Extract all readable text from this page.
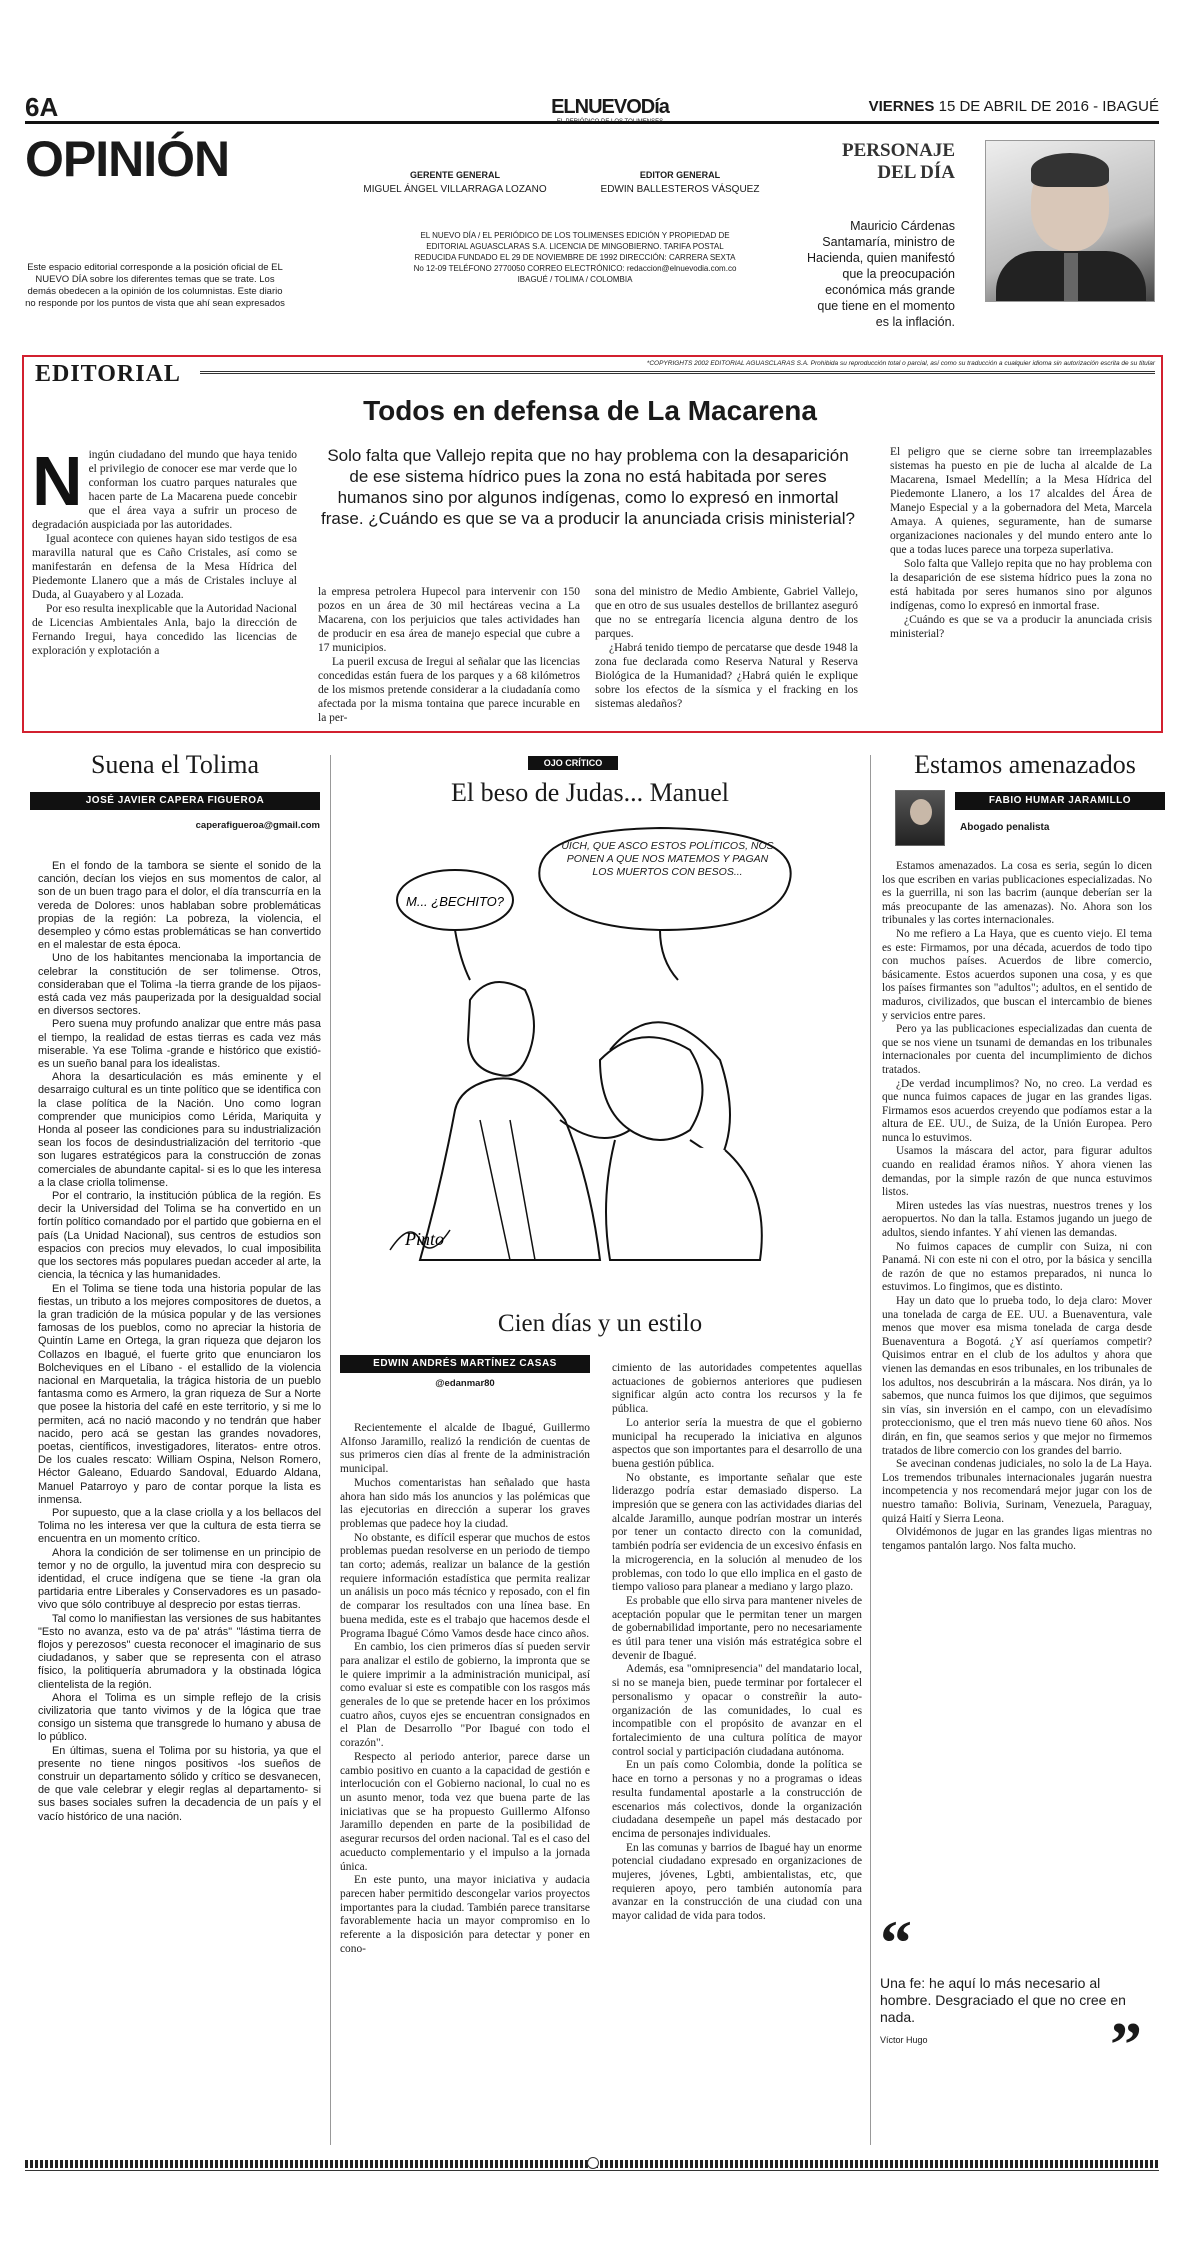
6A	ELNUEVODía
EL PERIÓDICO DE LOS TOLIMENSES
VIERNES 15 DE ABRIL DE 2016 - IBAGUÉ
OPINIÓN
Este espacio editorial corresponde a la posición oficial de EL NUEVO DÍA sobre los diferentes temas que se trate. Los demás obedecen a la opinión de los columnistas. Este diario no responde por los puntos de vista que ahí sean expresados
GERENTE GENERAL
MIGUEL ÁNGEL VILLARRAGA LOZANO
EDITOR GENERAL
EDWIN BALLESTEROS VÁSQUEZ
EL NUEVO DÍA / EL PERIÓDICO DE LOS TOLIMENSES EDICIÓN Y PROPIEDAD DE EDITORIAL AGUASCLARAS S.A. LICENCIA DE MINGOBIERNO. TARIFA POSTAL REDUCIDA FUNDADO EL 29 DE NOVIEMBRE DE 1992 DIRECCIÓN: CARRERA SEXTA No 12-09 TELÉFONO 2770050 CORREO ELECTRÓNICO: redaccion@elnuevodia.com.co IBAGUÉ / TOLIMA / COLOMBIA
PERSONAJE DEL DÍA
Mauricio Cárdenas Santamaría, ministro de Hacienda, quien manifestó que la preocupación económica más grande que tiene en el momento es la inflación.
EDITORIAL	*COPYRIGHTS 2002 EDITORIAL AGUASCLARAS S.A. Prohibida su reproducción total o parcial, así como su traducción a cualquier idioma sin autorización escrita de su titular
Todos en defensa de La Macarena
N ingún ciudadano del mundo que haya tenido el privilegio de conocer ese mar verde que lo conforman los cuatro parques naturales que hacen parte de La Macarena puede concebir que el área vaya a sufrir un proceso de degradación auspiciada por las autoridades.

Igual acontece con quienes hayan sido testigos de esa maravilla natural que es Caño Cristales, así como se manifestarán en defensa de la Mesa Hídrica del Piedemonte Llanero que a más de Cristales incluye al Duda, al Guayabero y al Lozada.

Por eso resulta inexplicable que la Autoridad Nacional de Licencias Ambientales Anla, bajo la dirección de Fernando Iregui, haya concedido las licencias de exploración y explotación a

Solo falta que Vallejo repita que no hay problema con la desaparición de ese sistema hídrico pues la zona no está habitada por seres humanos sino por algunos indígenas, como lo expresó en inmortal frase. ¿Cuándo es que se va a producir la anunciada crisis ministerial?

la empresa petrolera Hupecol para intervenir con 150 pozos en un área de 30 mil hectáreas vecina a La Macarena, con los perjuicios que tales actividades han de producir en esa área de manejo especial que cubre a 17 municipios.

La pueril excusa de Iregui al señalar que las licencias concedidas están fuera de los parques y a 68 kilómetros de los mismos pretende considerar a la ciudadanía como afectada por la misma tontaina que parece incurable en la per-

sona del ministro de Medio Ambiente, Gabriel Vallejo, que en otro de sus usuales destellos de brillantez aseguró que no se entregaría licencia alguna dentro de los parques.

¿Habrá tenido tiempo de percatarse que desde 1948 la zona fue declarada como Reserva Natural y Reserva Biológica de la Humanidad? ¿Habrá quién le explique sobre los efectos de la sísmica y el fracking en los sistemas aledaños?

El peligro que se cierne sobre tan irreemplazables sistemas ha puesto en pie de lucha al alcalde de La Macarena, Ismael Medellín; a la Mesa Hídrica del Piedemonte Llanero, a los 17 alcaldes del Área de Manejo Especial y a la gobernadora del Meta, Marcela Amaya. A quienes, seguramente, han de sumarse organizaciones nacionales y del mundo entero ante lo que a todas luces parece una torpeza superlativa.

Solo falta que Vallejo repita que no hay problema con la desaparición de ese sistema hídrico pues la zona no está habitada por seres humanos sino por algunos indígenas, como lo expresó en inmortal frase.

¿Cuándo es que se va a producir la anunciada crisis ministerial?

Suena el Tolima
JOSÉ JAVIER CAPERA FIGUEROA
caperafigueroa@gmail.com

En el fondo de la tambora se siente el sonido de la canción, decían los viejos en sus momentos de calor, al son de un buen trago para el dolor, el día transcurría en la vereda de Dolores: unos hablaban sobre problemáticas propias de la región: La pobreza, la violencia, el desempleo y cómo estas problemáticas se han convertido en el malestar de esta época.

Uno de los habitantes mencionaba la importancia de celebrar la constitución de ser tolimense. Otros, consideraban que el Tolima -la tierra grande de los pijaos- está cada vez más pauperizada por la desigualdad social en diversos sectores.

Pero suena muy profundo analizar que entre más pasa el tiempo, la realidad de estas tierras es cada vez más miserable. Ya ese Tolima -grande e histórico que existió- es un sueño banal para los idealistas.

Ahora la desarticulación es más eminente y el desarraigo cultural es un tinte político que se identifica con la clase política de la Nación. Uno como logran comprender que municipios como Lérida, Mariquita y Honda al poseer las condiciones para su industrialización sean los focos de desindustrialización del territorio -que son lugares estratégicos para la construcción de zonas comerciales de abundante capital- si es lo que les interesa a la clase criolla tolimense.

Por el contrario, la institución pública de la región. Es decir la Universidad del Tolima se ha convertido en un fortín político comandado por el partido que gobierna en el país (La Unidad Nacional), sus centros de estudios son espacios con precios muy elevados, lo cual imposibilita que los sectores más populares puedan acceder al arte, la ciencia, la técnica y las humanidades.

En el Tolima se tiene toda una historia popular de las fiestas, un tributo a los mejores compositores de duetos, a la gran tradición de la música popular y de las versiones famosas de los pueblos, como no apreciar la historia de Quintín Lame en Ortega, la gran riqueza que dejaron los Collazos en Ibagué, el fuerte grito que enunciaron los Bolcheviques en el Líbano - el estallido de la violencia nacional en Marquetalia, la trágica historia de un pueblo fantasma como es Armero, la gran riqueza de Sur a Norte que posee la historia del café en este territorio, y si me lo permiten, acá no nació macondo y no tendrán que haber nacido, pero acá se gestan las grandes novadores, poetas, científicos, investigadores, literatos- entre otros. De los cuales rescato: William Ospina, Nelson Romero, Héctor Galeano, Eduardo Sandoval, Eduardo Aldana, Manuel Patarroyo y paro de contar porque la lista es inmensa.

Por supuesto, que a la clase criolla y a los bellacos del Tolima no les interesa ver que la cultura de esta tierra se encuentra en un momento crítico.

Ahora la condición de ser tolimense en un principio de temor y no de orgullo, la juventud mira con desprecio su identidad, el cruce indígena que se tiene -la gran ola partidaria entre Liberales y Conservadores es un pasado- vivo que sólo contribuye al desprecio por estas tierras.

Tal como lo manifiestan las versiones de sus habitantes "Esto no avanza, esto va de pa' atrás" "lástima tierra de flojos y perezosos" cuesta reconocer el imaginario de sus ciudadanos, y saber que se representa con el atraso físico, la politiquería abrumadora y la obstinada lógica clientelista de la región.

Ahora el Tolima es un simple reflejo de la crisis civilizatoria que tanto vivimos y de la lógica que trae consigo un sistema que transgrede lo humano y abusa de lo público.

En últimas, suena el Tolima por su historia, ya que el presente no tiene ningos positivos -los sueños de construir un departamento sólido y crítico se desvanecen, de que vale celebrar y elegir reglas al departamento- si sus bases sociales sufren la decadencia de un país y el vacío histórico de una nación.

OJO CRÍTICO
El beso de Judas... Manuel
M... ¿BECHITO?
UICH, QUE ASCO ESTOS POLÍTICOS, NOS PONEN A QUE NOS MATEMOS Y PAGAN LOS MUERTOS CON BESOS...
Pinto
Cien días y un estilo
EDWIN ANDRÉS MARTÍNEZ CASAS
@edanmar80

Recientemente el alcalde de Ibagué, Guillermo Alfonso Jaramillo, realizó la rendición de cuentas de sus primeros cien días al frente de la administración municipal.

Muchos comentaristas han señalado que hasta ahora han sido más los anuncios y las polémicas que las ejecutorias en dirección a superar los graves problemas que padece hoy la ciudad.

No obstante, es difícil esperar que muchos de estos problemas puedan resolverse en un periodo de tiempo tan corto; además, realizar un balance de la gestión requiere información estadística que permita realizar un análisis un poco más técnico y reposado, con el fin de comparar los resultados con una línea base. En buena medida, este es el trabajo que hacemos desde el Programa Ibagué Cómo Vamos desde hace cinco años.

En cambio, los cien primeros días sí pueden servir para analizar el estilo de gobierno, la impronta que se le quiere imprimir a la administración municipal, así como evaluar si este es compatible con los rasgos más generales de lo que se pretende hacer en los próximos cuatro años, cuyos ejes se encuentran consignados en el Plan de Desarrollo "Por Ibagué con todo el corazón".

Respecto al periodo anterior, parece darse un cambio positivo en cuanto a la capacidad de gestión e interlocución con el Gobierno nacional, lo cual no es un asunto menor, toda vez que buena parte de las iniciativas que se ha propuesto Guillermo Alfonso Jaramillo dependen en parte de la posibilidad de asegurar recursos del orden nacional. Tal es el caso del acueducto complementario y el impulso a la jornada única.

En este punto, una mayor iniciativa y audacia parecen haber permitido descongelar varios proyectos importantes para la ciudad. También parece transitarse favorablemente hacia un mayor compromiso en lo referente a la disposición para detectar y poner en cono-

cimiento de las autoridades competentes aquellas actuaciones de gobiernos anteriores que pudiesen significar algún acto contra los recursos y la fe pública.

Lo anterior sería la muestra de que el gobierno municipal ha recuperado la iniciativa en algunos aspectos que son importantes para el desarrollo de una buena gestión pública.

No obstante, es importante señalar que este liderazgo podría estar demasiado disperso. La impresión que se genera con las actividades diarias del alcalde Jaramillo, aunque podrían mostrar un interés por tener un contacto directo con la comunidad, también podría ser evidencia de un excesivo énfasis en la microgerencia, en la solución al menudeo de los problemas, con todo lo que ello implica en el gasto de tiempo valioso para planear a mediano y largo plazo.

Es probable que ello sirva para mantener niveles de aceptación popular que le permitan tener un margen de gobernabilidad importante, pero no necesariamente es útil para tener una visión más estratégica sobre el devenir de Ibagué.

Además, esa "omnipresencia" del mandatario local, si no se maneja bien, puede terminar por fortalecer el personalismo y opacar o constreñir la auto-organización de las comunidades, lo cual es incompatible con el propósito de avanzar en el fortalecimiento de una cultura política de mayor control social y participación ciudadana autónoma.

En un país como Colombia, donde la política se hace en torno a personas y no a programas o ideas resulta fundamental apostarle a la construcción de escenarios más colectivos, donde la organización ciudadana desempeñe un papel más destacado por encima de personajes individuales.

En las comunas y barrios de Ibagué hay un enorme potencial ciudadano expresado en organizaciones de mujeres, jóvenes, Lgbti, ambientalistas, etc, que requieren apoyo, pero también autonomía para avanzar en la construcción de una ciudad con una mayor calidad de vida para todos.

Estamos amenazados
FABIO HUMAR JARAMILLO
Abogado penalista

Estamos amenazados. La cosa es seria, según lo dicen los que escriben en varias publicaciones especializadas. No es la guerrilla, ni son las bacrim (aunque deberían ser la más preocupante de las amenazas). No. Ahora son los tribunales y las cortes internacionales.

No me refiero a La Haya, que es cuento viejo. El tema es este: Firmamos, por una década, acuerdos de todo tipo con muchos países. Acuerdos de libre comercio, básicamente. Estos acuerdos suponen una cosa, y es que los países firmantes son "adultos"; adultos, en el sentido de maduros, civilizados, que buscan el intercambio de bienes y servicios entre pares.

Pero ya las publicaciones especializadas dan cuenta de que se nos viene un tsunami de demandas en los tribunales internacionales por cuenta del incumplimiento de dichos tratados.

¿De verdad incumplimos? No, no creo. La verdad es que nunca fuimos capaces de jugar en las grandes ligas. Firmamos esos acuerdos creyendo que podíamos estar a la altura de EE. UU., de Suiza, de la Unión Europea. Pero nunca lo estuvimos.

Usamos la máscara del actor, para figurar adultos cuando en realidad éramos niños. Y ahora vienen las demandas, por la simple razón de que nunca estuvimos listos.

Miren ustedes las vías nuestras, nuestros trenes y los aeropuertos. No dan la talla. Estamos jugando un juego de adultos, siendo infantes. Y ahí vienen las demandas.

No fuimos capaces de cumplir con Suiza, ni con Panamá. Ni con este ni con el otro, por la básica y sencilla de razón de que no estamos preparados, ni nunca lo estuvimos. Lo fingimos, que es distinto.

Hay un dato que lo prueba todo, lo deja claro: Mover una tonelada de carga de EE. UU. a Buenaventura, vale menos que mover esa misma tonelada de carga desde Buenaventura a Bogotá. ¿Y así queríamos competir? Quisimos entrar en el club de los adultos y ahora que vienen las demandas en esos tribunales, en los tribunales de los adultos, nos descubrirán a la máscara. Nos dirán, ya lo sabemos, que nunca fuimos los que dijimos, que seguimos sin vías, sin inversión en el campo, con un elevadísimo proteccionismo, que el tren más nuevo tiene 60 años. Nos dirán, en fin, que seamos serios y que mejor no firmemos tratados de libre comercio con los grandes del barrio.

Se avecinan condenas judiciales, no solo la de La Haya. Los tremendos tribunales internacionales jugarán nuestra incompetencia y nos recomendará mejor jugar con los de nuestro tamaño: Bolivia, Surinam, Venezuela, Paraguay, quizá Haití y Sierra Leona.

Olvidémonos de jugar en las grandes ligas mientras no tengamos pantalón largo. Nos falta mucho.

“
Una fe: he aquí lo más necesario al hombre. Desgraciado el que no cree en nada.
Víctor Hugo	”
